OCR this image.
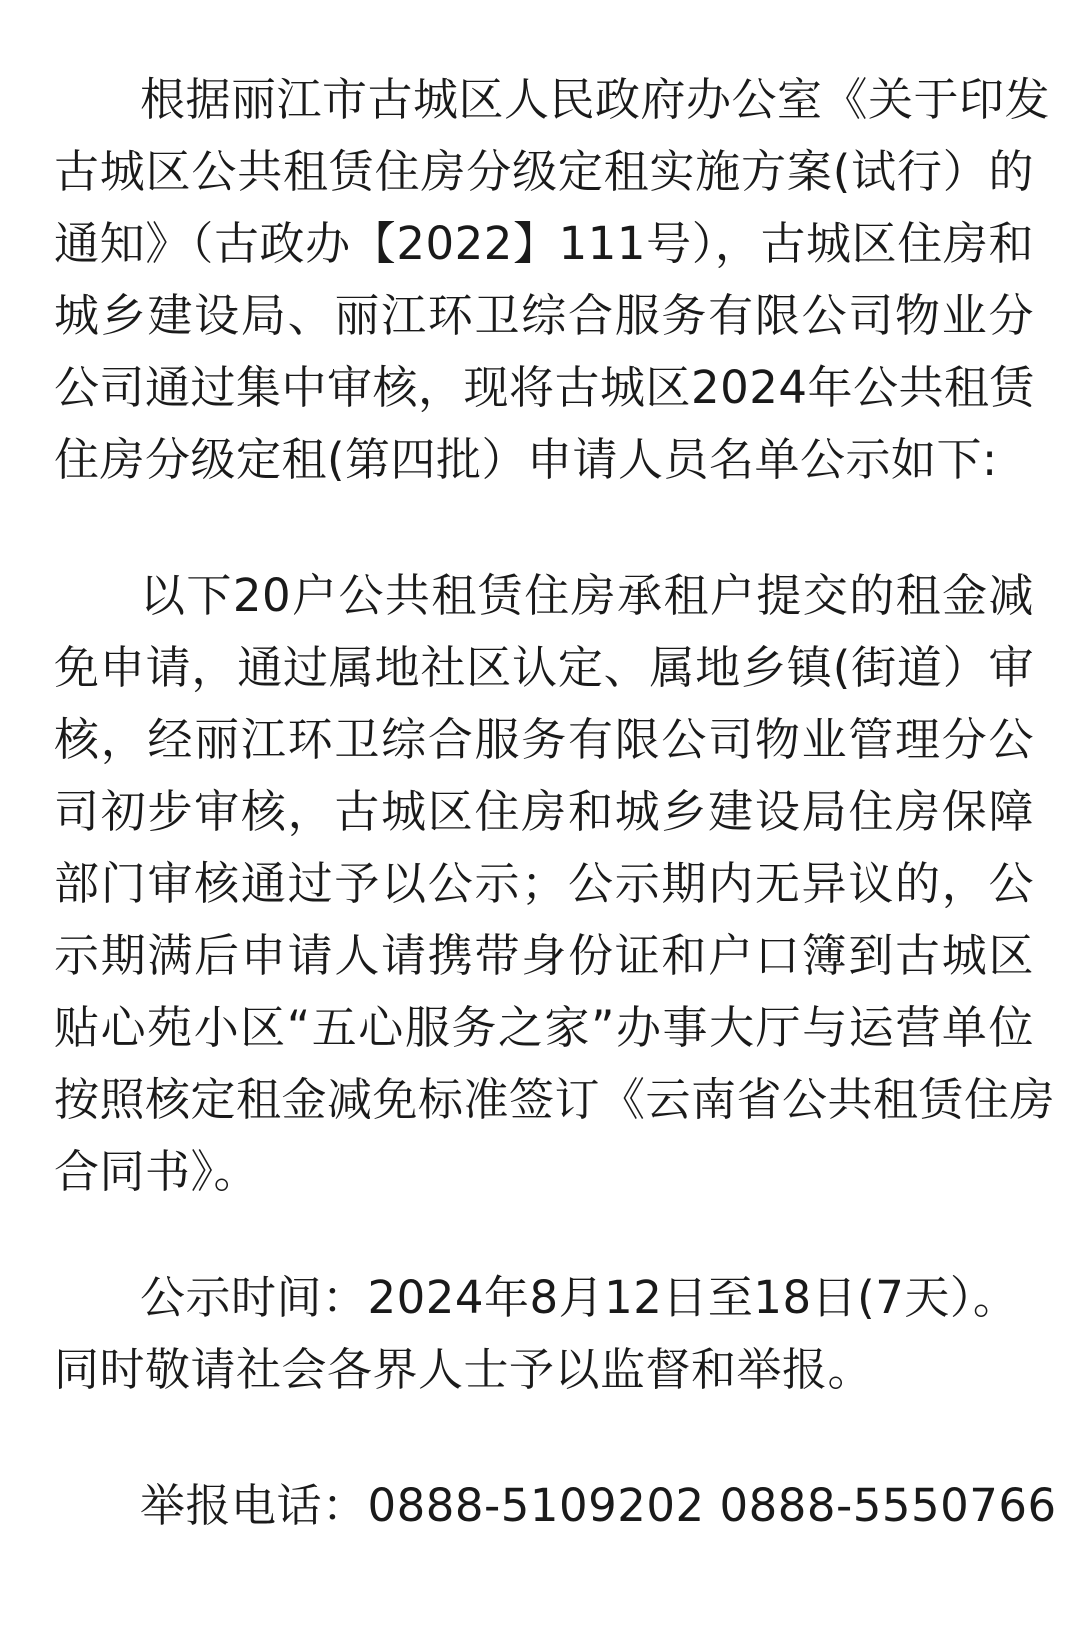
根据丽江市古城区人民政府办公室《关于印发
古城区公共租赁住房分级定租实施方案(试行）的
通知》（古政办【2022】111号），古城区住房和
城乡建设局、丽江环卫综合服务有限公司物业分
公司通过集中审核，现将古城区2024年公共租赁
住房分级定租(第四批）申请人员名单公示如下:
以下20户公共租赁住房承租户提交的租金减
免申请，通过属地社区认定、属地乡镇(街道）审
核，经丽江环卫综合服务有限公司物业管理分公
司初步审核，古城区住房和城乡建设局住房保障
部门审核通过予以公示；公示期内无异议的，公
示期满后申请人请携带身份证和户口簿到古城区
贴心苑小区“五心服务之家”办事大厅与运营单位
按照核定租金减免标准签订《云南省公共租赁住房
合同书》。
公示时间：2024年8月12日至18日(7天）。
同时敬请社会各界人士予以监督和举报。
举报电话：0888-5109202 0888-5550766
